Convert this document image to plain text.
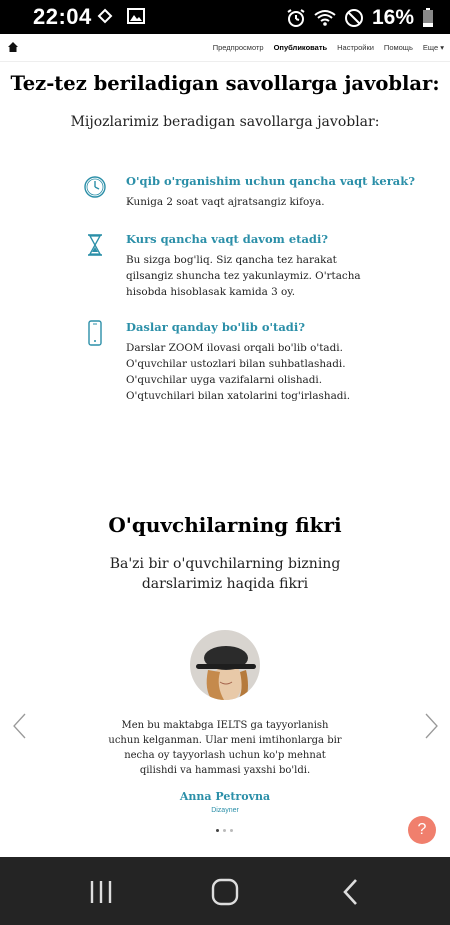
22:04	16%
Предпросмотр Опубликовать Настройки Помощь Еще ▾
Tez-tez beriladigan savollarga javoblar:
Mijozlarimiz beradigan savollarga javoblar:
O'qib o'rganishim uchun qancha vaqt kerak?
Kuniga 2 soat vaqt ajratsangiz kifoya.
Kurs qancha vaqt davom etadi?
Bu sizga bog'liq. Siz qancha tez harakat qilsangiz shuncha tez yakunlaymiz. O'rtacha hisobda hisoblasak kamida 3 oy.
Daslar qanday bo'lib o'tadi?
Darslar ZOOM ilovasi orqali bo'lib o'tadi. O'quvchilar ustozlari bilan suhbatlashadi. O'quvchilar uyga vazifalarni olishadi. O'qtuvchilari bilan xatolarini tog'irlashadi.
O'quvchilarning fikri
Ba'zi bir o'quvchilarning bizning darslarimiz haqida fikri
Men bu maktabga IELTS ga tayyorlanish uchun kelganman. Ular meni imtihonlarga bir necha oy tayyorlash uchun ko'p mehnat qilishdi va hammasi yaxshi bo'ldi.
Anna Petrovna
Dizayner
?
